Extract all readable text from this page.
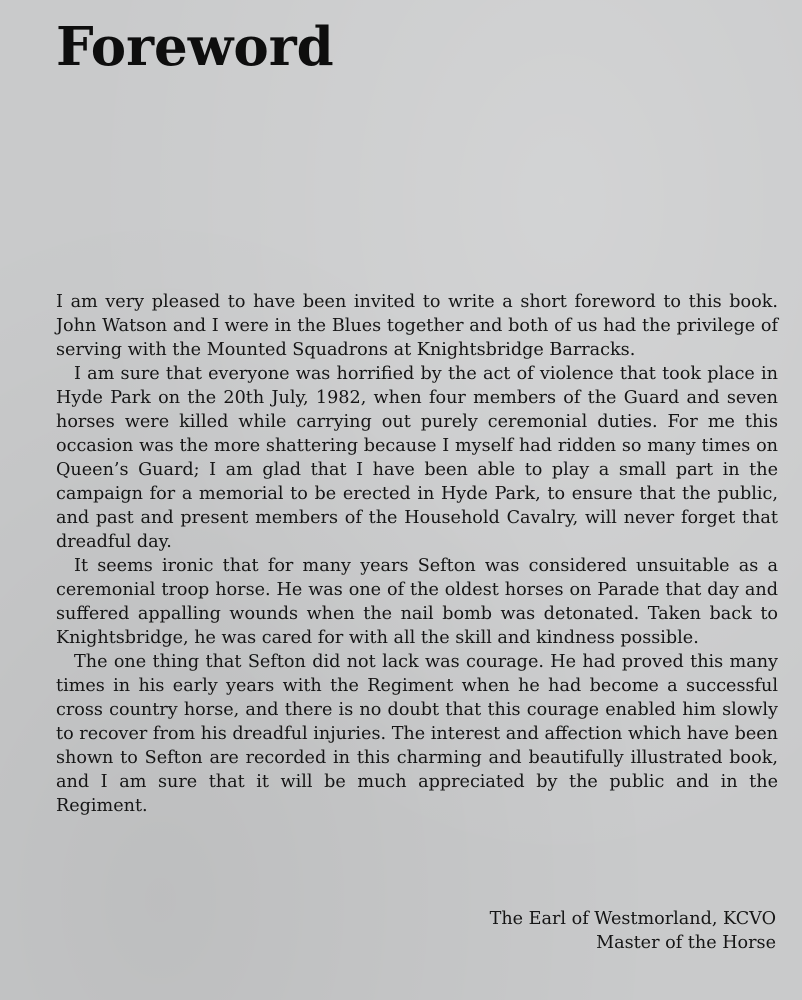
Foreword

I am very pleased to have been invited to write a short foreword to this book. John Watson and I were in the Blues together and both of us had the privilege of serving with the Mounted Squadrons at Knightsbridge Barracks.

I am sure that everyone was horrified by the act of violence that took place in Hyde Park on the 20th July, 1982, when four members of the Guard and seven horses were killed while carrying out purely ceremonial duties. For me this occasion was the more shattering because I myself had ridden so many times on Queen’s Guard; I am glad that I have been able to play a small part in the campaign for a memorial to be erected in Hyde Park, to ensure that the public, and past and present members of the Household Cavalry, will never forget that dreadful day.

It seems ironic that for many years Sefton was considered unsuitable as a ceremonial troop horse. He was one of the oldest horses on Parade that day and suffered appalling wounds when the nail bomb was detonated. Taken back to Knightsbridge, he was cared for with all the skill and kindness possible.

The one thing that Sefton did not lack was courage. He had proved this many times in his early years with the Regiment when he had become a successful cross country horse, and there is no doubt that this courage enabled him slowly to recover from his dreadful injuries. The interest and affection which have been shown to Sefton are recorded in this charming and beautifully illustrated book, and I am sure that it will be much appreciated by the public and in the Regiment.

The Earl of Westmorland, KCVO
Master of the Horse
